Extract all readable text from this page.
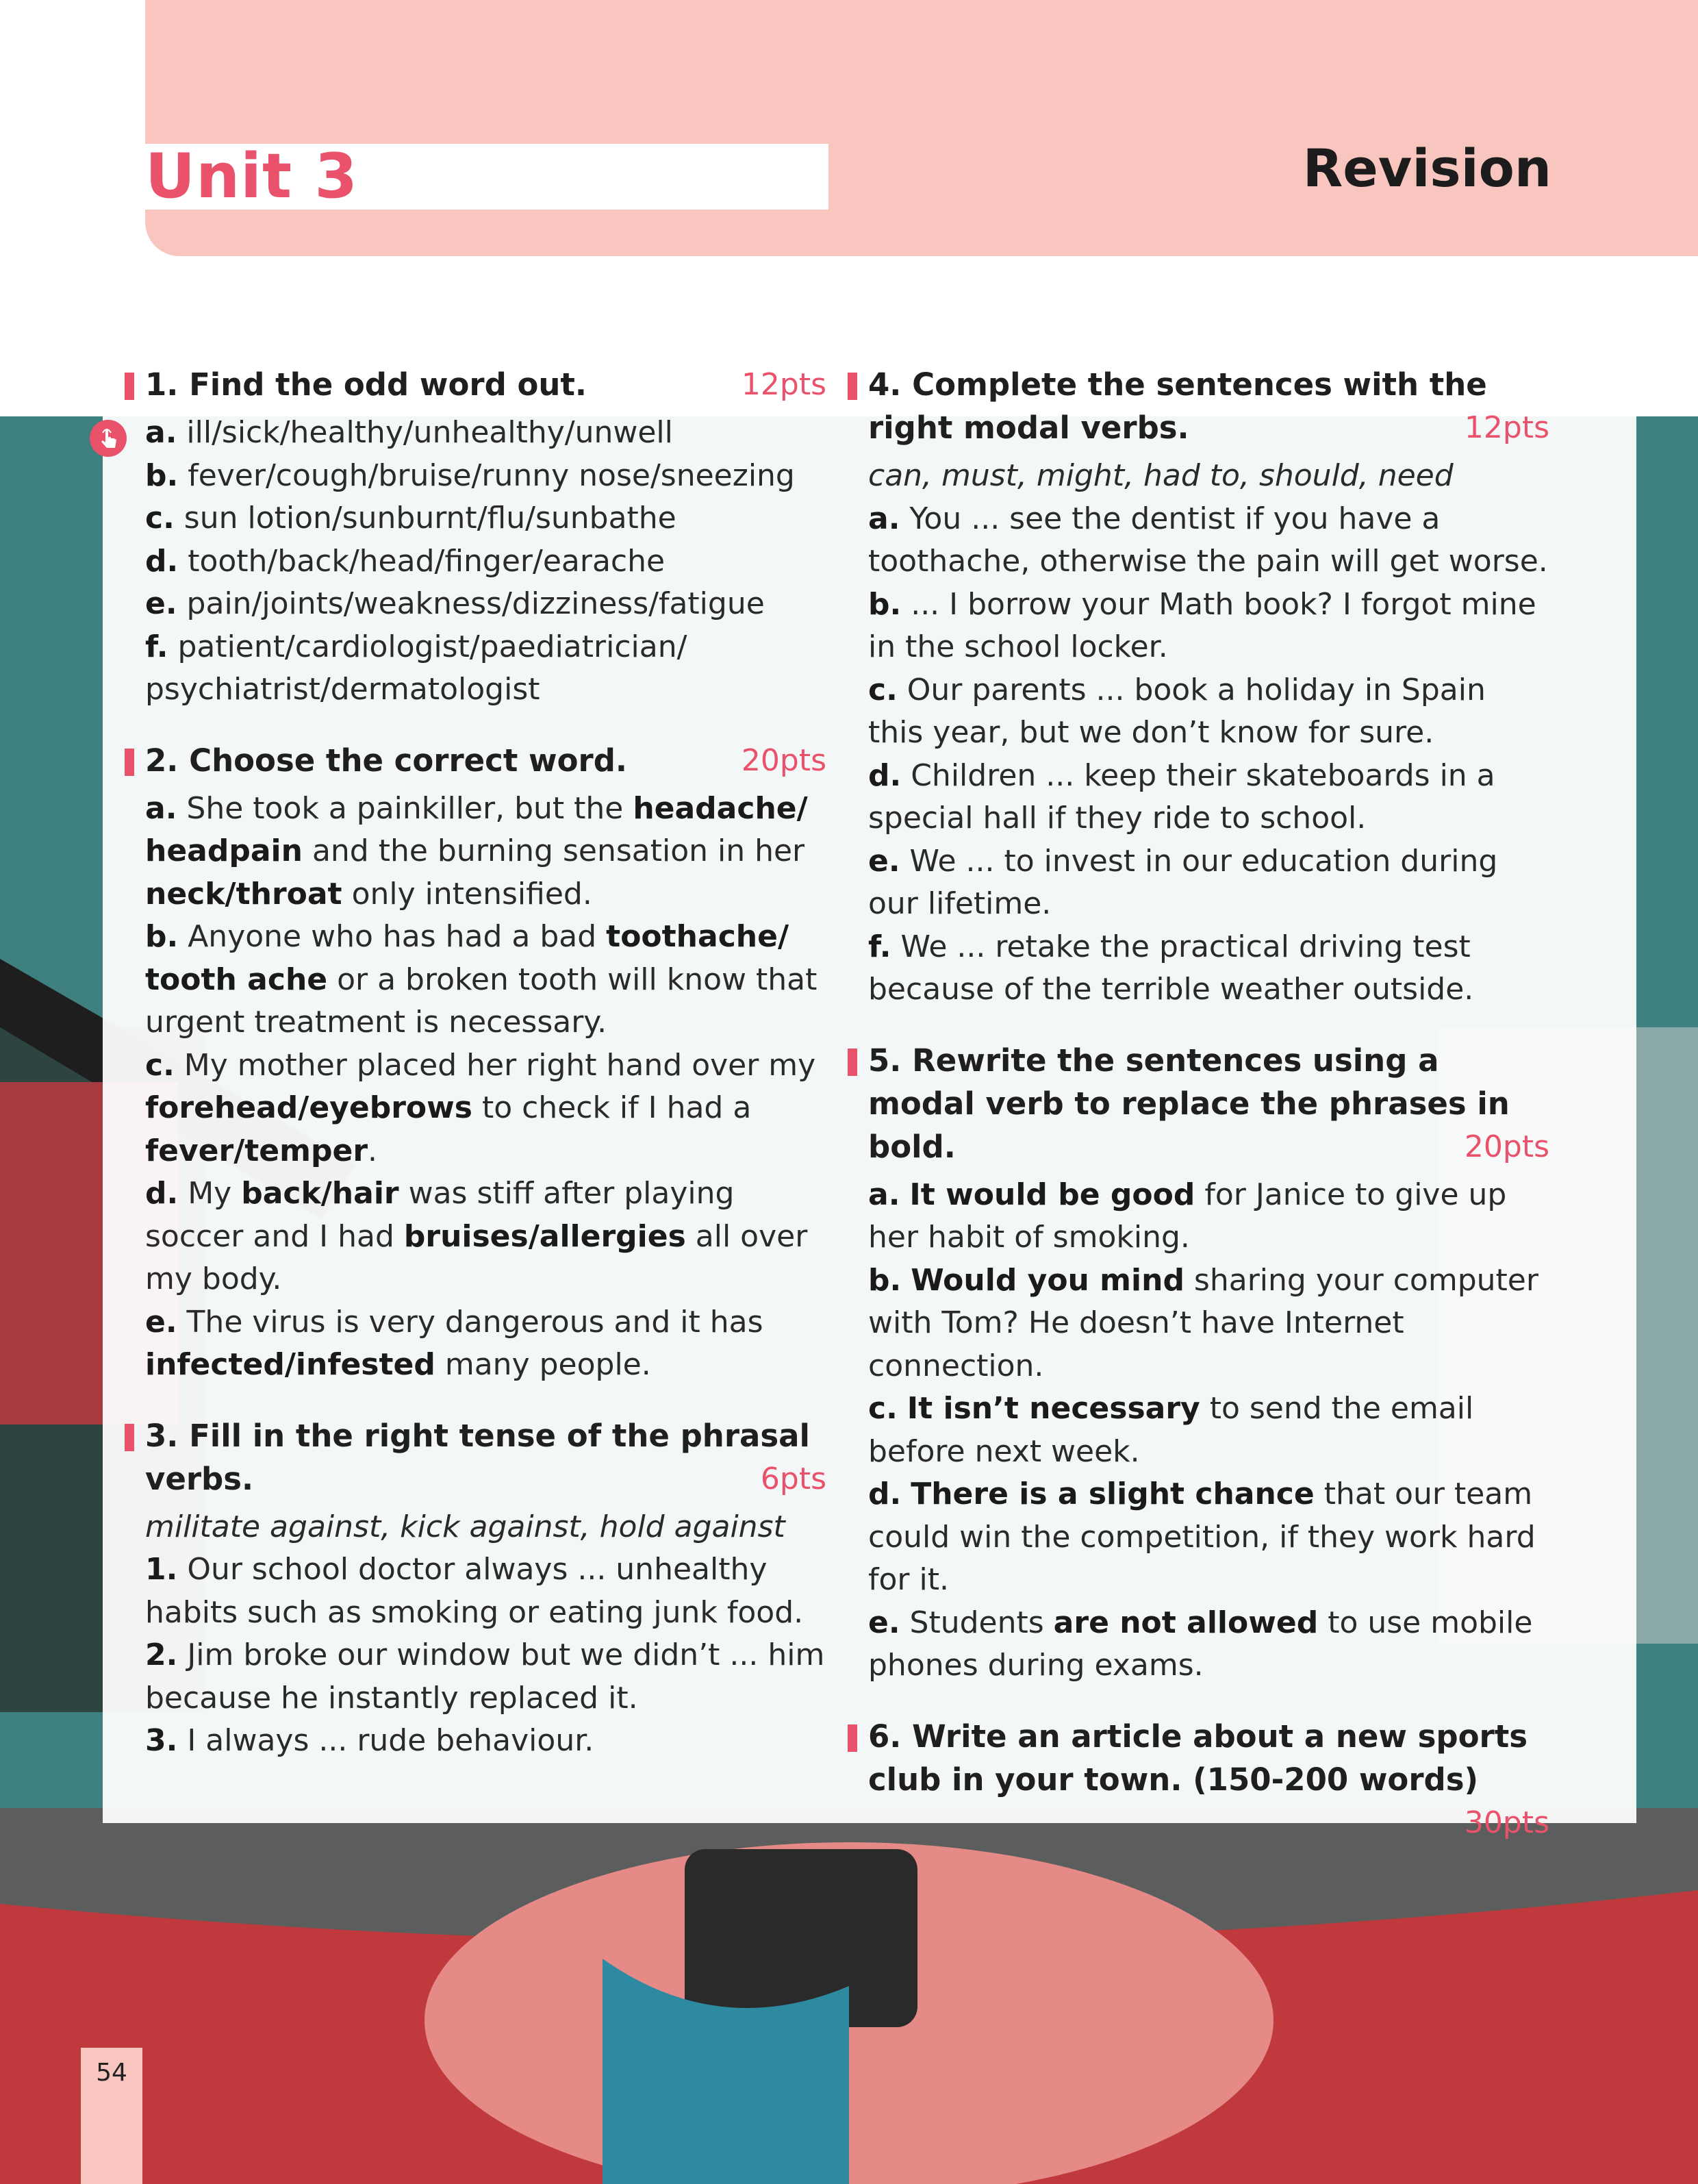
Unit 3	Revision
1. Find the odd word out.	12pts
a. ill/sick/healthy/unhealthy/unwell
b. fever/cough/bruise/runny nose/sneezing
c. sun lotion/sunburnt/flu/sunbathe
d. tooth/back/head/finger/earache
e. pain/joints/weakness/dizziness/fatigue
f. patient/cardiologist/paediatrician/ psychiatrist/dermatologist
2. Choose the correct word.	20pts
a. She took a painkiller, but the headache/ headpain and the burning sensation in her neck/throat only intensified.
b. Anyone who has had a bad toothache/ tooth ache or a broken tooth will know that urgent treatment is necessary.
c. My mother placed her right hand over my forehead/eyebrows to check if I had a fever/temper.
d. My back/hair was stiff after playing soccer and I had bruises/allergies all over my body.
e. The virus is very dangerous and it has infected/infested many people.
3. Fill in the right tense of the phrasal verbs.	6pts
militate against, kick against, hold against
1. Our school doctor always ... unhealthy habits such as smoking or eating junk food.
2. Jim broke our window but we didn’t ... him because he instantly replaced it.
3. I always ... rude behaviour.
4. Complete the sentences with the right modal verbs.	12pts
can, must, might, had to, should, need
a. You ... see the dentist if you have a toothache, otherwise the pain will get worse.
b. ... I borrow your Math book? I forgot mine in the school locker.
c. Our parents ... book a holiday in Spain this year, but we don’t know for sure.
d. Children ... keep their skateboards in a special hall if they ride to school.
e. We ... to invest in our education during our lifetime.
f. We ... retake the practical driving test because of the terrible weather outside.
5. Rewrite the sentences using a modal verb to replace the phrases in bold.	20pts
a. It would be good for Janice to give up her habit of smoking.
b. Would you mind sharing your computer with Tom? He doesn’t have Internet connection.
c. It isn’t necessary to send the email before next week.
d. There is a slight chance that our team could win the competition, if they work hard for it.
e. Students are not allowed to use mobile phones during exams.
6. Write an article about a new sports club in your town. (150-200 words)
30pts
54
